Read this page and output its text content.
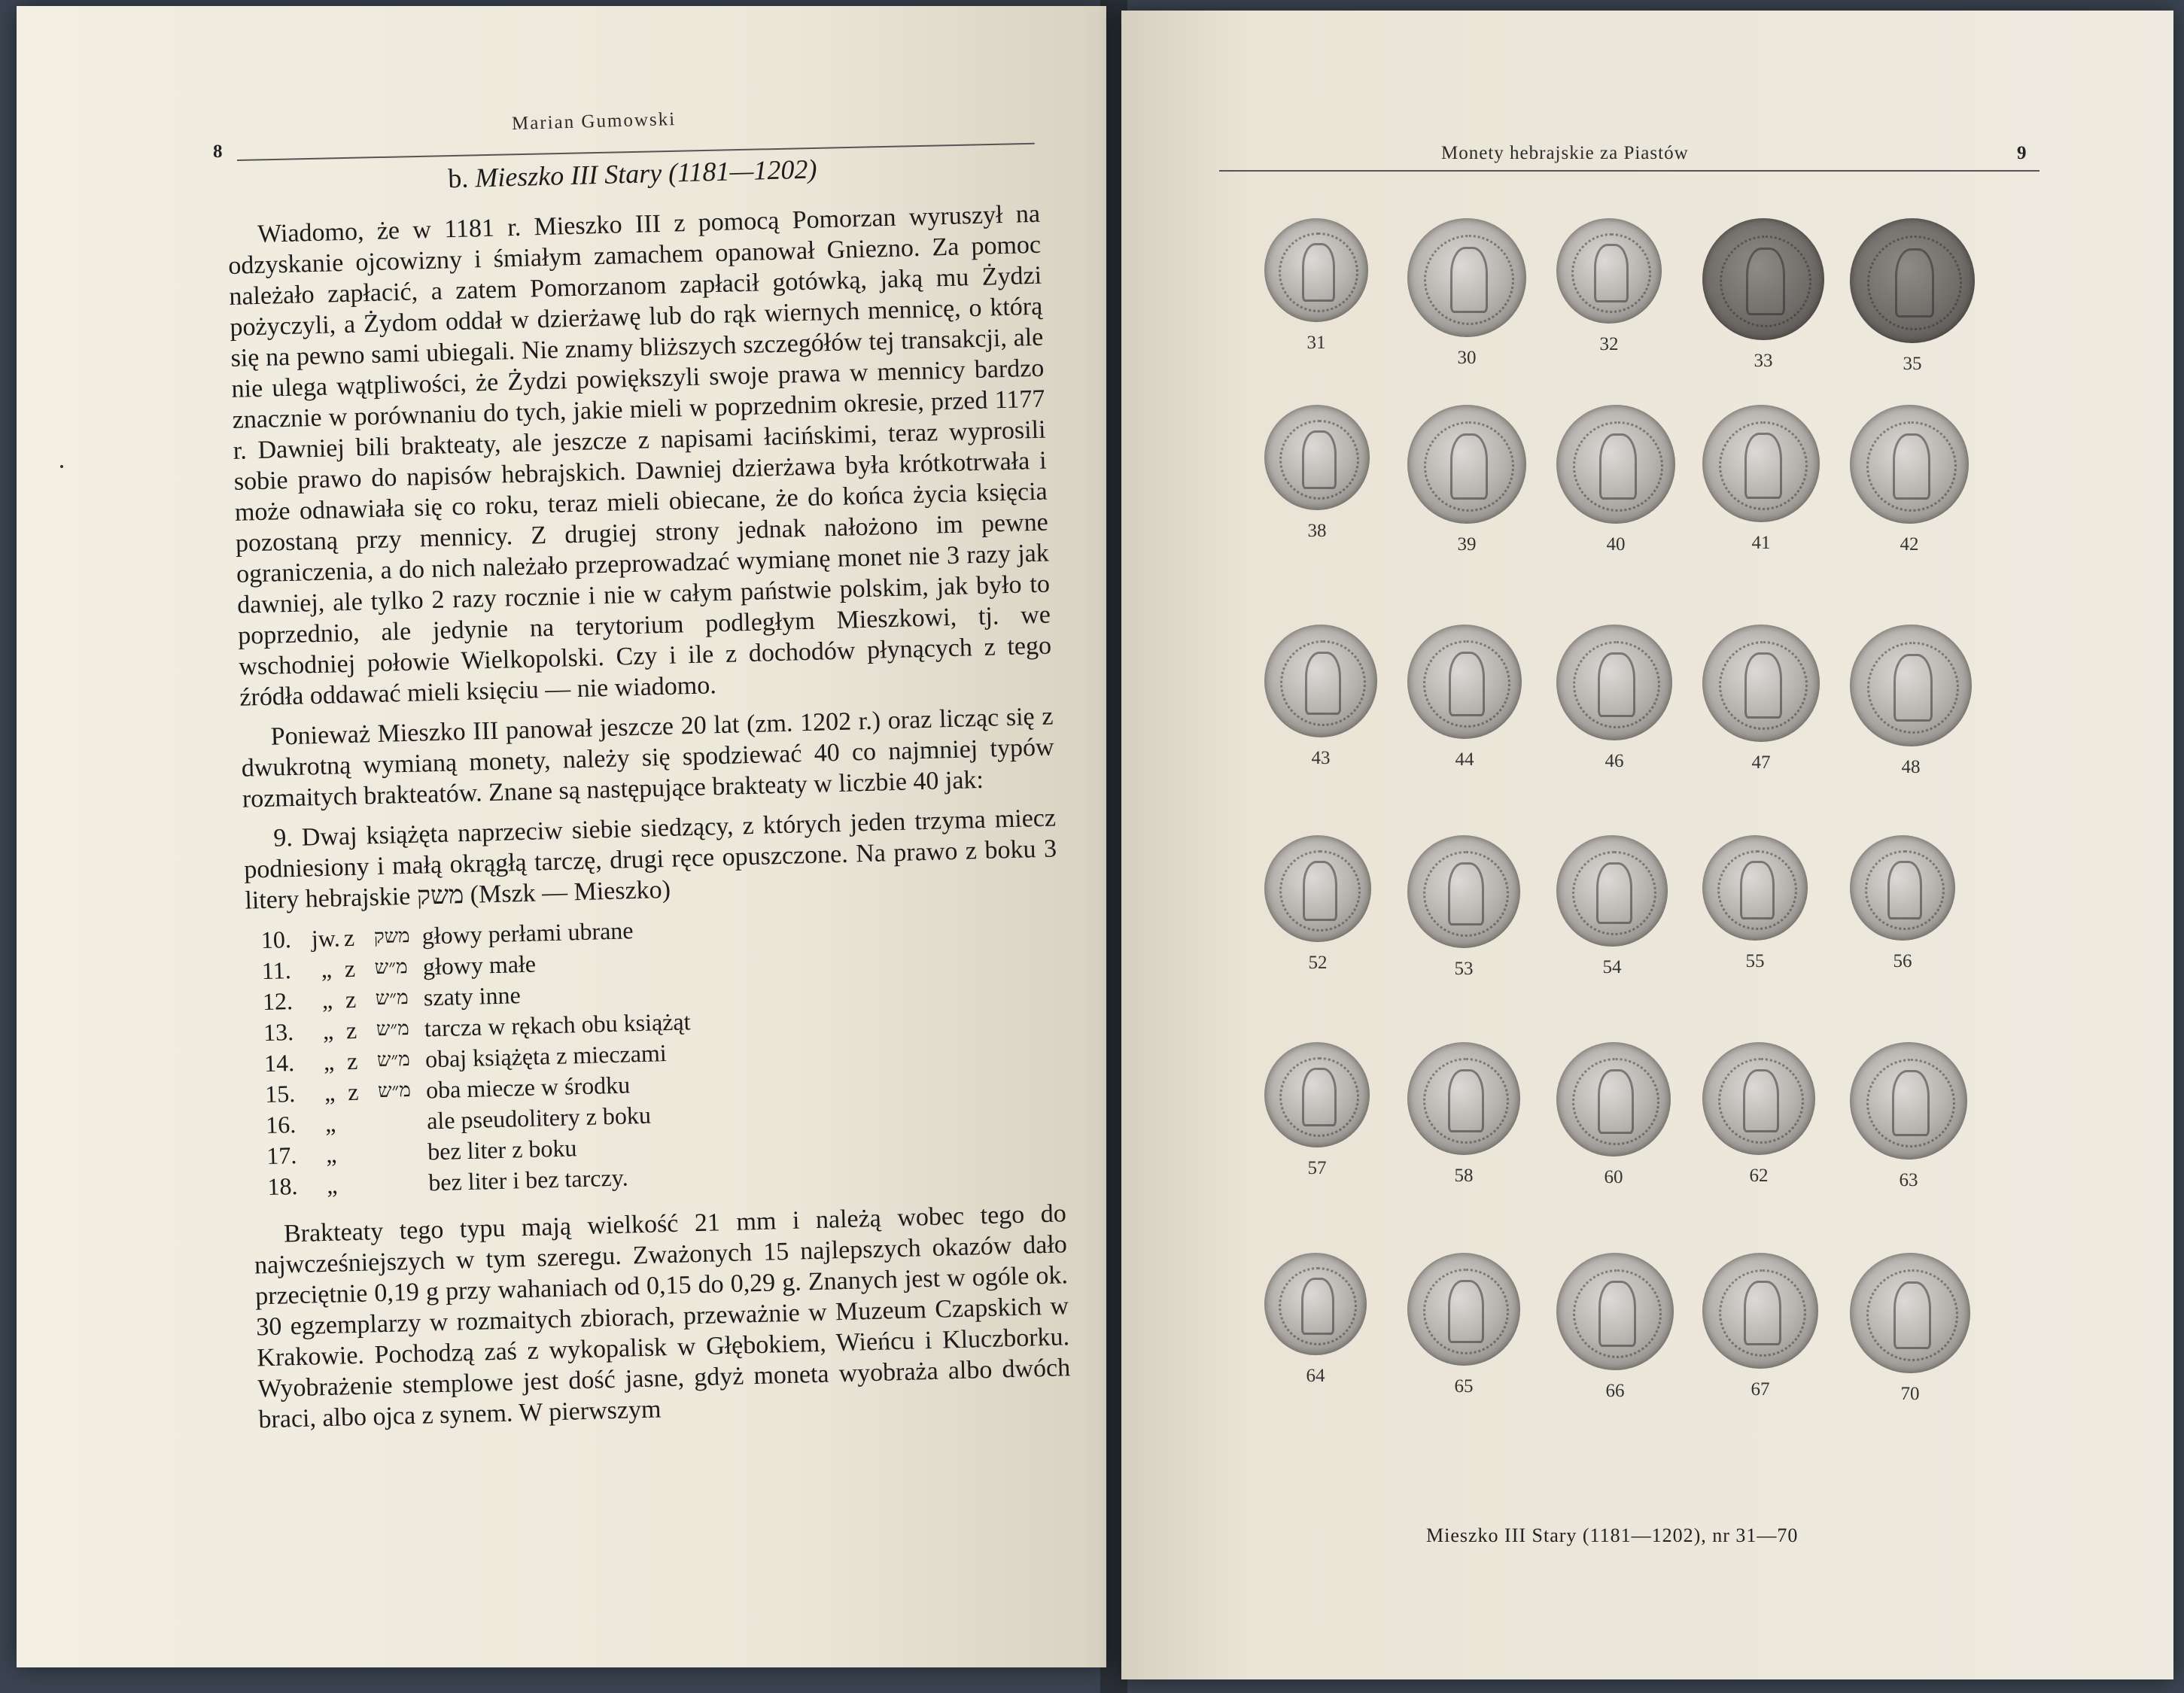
Marian Gumowski
8
b. Mieszko III Stary (1181—1202)

Wiadomo, że w 1181 r. Mieszko III z pomocą Pomorzan wyruszył na odzyskanie ojcowizny i śmiałym zamachem opanował Gniezno. Za pomoc należało zapłacić, a zatem Pomorzanom zapłacił gotówką, jaką mu Żydzi pożyczyli, a Żydom oddał w dzierżawę lub do rąk wiernych mennicę, o którą się na pewno sami ubiegali. Nie znamy bliższych szczegółów tej transakcji, ale nie ulega wątpliwości, że Żydzi powiększyli swoje prawa w mennicy bardzo znacznie w porównaniu do tych, jakie mieli w poprzednim okresie, przed 1177 r. Dawniej bili brakteaty, ale jeszcze z napisami łacińskimi, teraz wyprosili sobie prawo do napisów hebrajskich. Dawniej dzierżawa była krótkotrwała i może odnawiała się co roku, teraz mieli obiecane, że do końca życia księcia pozostaną przy mennicy. Z drugiej strony jednak nałożono im pewne ograniczenia, a do nich należało przeprowadzać wymianę monet nie 3 razy jak dawniej, ale tylko 2 razy rocznie i nie w całym państwie polskim, jak było to poprzednio, ale jedynie na terytorium podległym Mieszkowi, tj. we wschodniej połowie Wielkopolski. Czy i ile z dochodów płynących z tego źródła oddawać mieli księciu — nie wiadomo.

Ponieważ Mieszko III panował jeszcze 20 lat (zm. 1202 r.) oraz licząc się z dwukrotną wymianą monety, należy się spodziewać 40 co najmniej typów rozmaitych brakteatów. Znane są następujące brakteaty w liczbie 40 jak:

9. Dwaj książęta naprzeciw siebie siedzący, z których jeden trzyma miecz podniesiony i małą okrągłą tarczę, drugi ręce opuszczone. Na prawo z boku 3 litery hebrajskie משק (Mszk — Mieszko)

10. jw. z משק głowy perłami ubrane
11.	„ z מ״ש głowy małe
12.	„ z מ״ש szaty inne
13.	„ z מ״ש tarcza w rękach obu książąt
14.	„ z מ״ש obaj książęta z mieczami
15.	„ z מ״ש oba miecze w środku
16.	„	ale pseudolitery z boku
17.	„	bez liter z boku
18.	„	bez liter i bez tarczy.

Brakteaty tego typu mają wielkość 21 mm i należą wobec tego do najwcześniejszych w tym szeregu. Zważonych 15 najlepszych okazów dało przeciętnie 0,19 g przy wahaniach od 0,15 do 0,29 g. Znanych jest w ogóle ok. 30 egzemplarzy w rozmaitych zbiorach, przeważnie w Muzeum Czapskich w Krakowie. Pochodzą zaś z wykopalisk w Głębokiem, Wieńcu i Kluczborku. Wyobrażenie stemplowe jest dość jasne, gdyż moneta wyobraża albo dwóch braci, albo ojca z synem. W pierwszym

Monety hebrajskie za Piastów	9
31
30
32
33	35
38
39	40	41	42
43	44	46	47	48
52	53	54	55	56
57	58	60	62	63
64
65	66	67	70
Mieszko III Stary (1181—1202), nr 31—70
